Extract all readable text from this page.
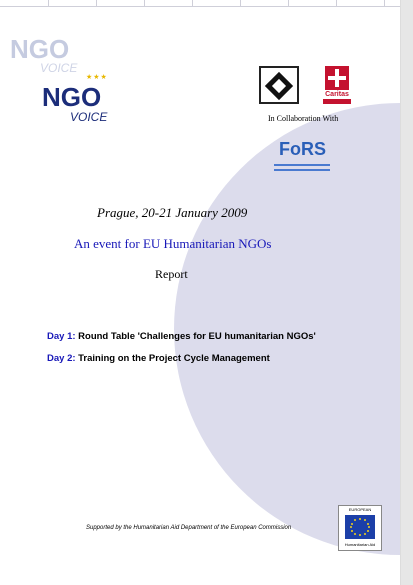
NGO
VOICE
★★★
NGO
VOICE
Caritas
In Collaboration With
FoRS
Prague, 20-21 January 2009
An event for EU Humanitarian NGOs
Report
Day 1: Round Table 'Challenges for EU humanitarian NGOs'
Day 2: Training on the Project Cycle Management
Supported by the Humanitarian Aid Department of the European Commission
EUROPEAN
Humanitarian Aid
